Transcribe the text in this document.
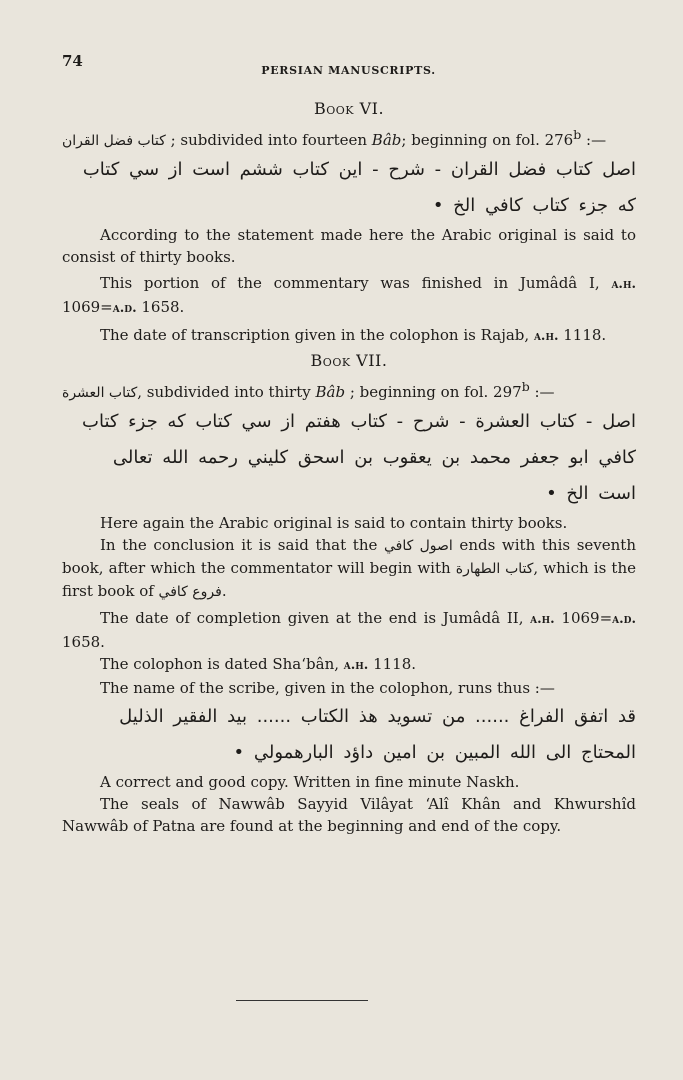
74
PERSIAN MANUSCRIPTS.
Book VI.

كتاب فضل القران ; subdivided into fourteen Bâb; beginning on fol. 276$^b$ :—

اصل كتاب فضل القران - شرح - اين كتاب ششم است از سي كتاب
كه جزء كتاب كافي الخ •

According to the statement made here the Arabic original is said to consist of thirty books.

This portion of the commentary was finished in Jumâdâ I, a.h. 1069=a.d. 1658.

The date of transcription given in the colophon is Rajab, a.h. 1118.

Book VII.

كتاب العشرة, subdivided into thirty Bâb ; beginning on fol. 297$^b$ :—

اصل - كتاب العشرة - شرح - كتاب هفتم از سي كتاب كه جزء كتاب
كافي ابو جعفر محمد بن يعقوب بن اسحق كليني رحمه الله تعالى
است الخ •

Here again the Arabic original is said to contain thirty books.

In the conclusion it is said that the اصول كافي ends with this seventh book, after which the commentator will begin with كتاب الطهارة, which is the first book of فروع كافي.

The date of completion given at the end is Jumâdâ II, a.h. 1069=a.d. 1658.

The colophon is dated Sha‘bân, a.h. 1118.

The name of the scribe, given in the colophon, runs thus :—

قد اتفق الفراغ ...... من تسويد هذ الكتاب ...... بيد الفقير الذليل
المحتاج الى الله المبين بن امين داؤد البارهمولي •

A correct and good copy. Written in fine minute Naskh.

The seals of Nawwâb Sayyid Vilâyat ‘Alî Khân and Khwurshîd Nawwâb of Patna are found at the beginning and end of the copy.
